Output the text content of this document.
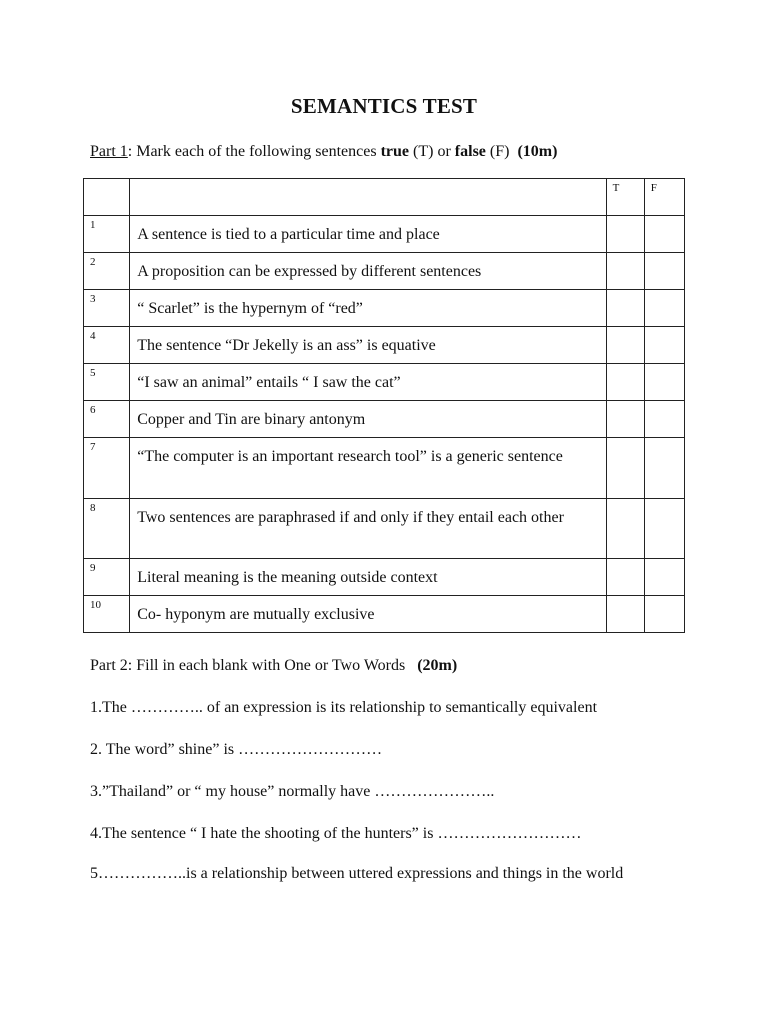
SEMANTICS TEST
Part 1: Mark each of the following sentences true (T) or false (F)  (10m)
		T	F
1	A sentence is tied to a particular time and place		
2	A proposition can be expressed by different sentences		
3	“ Scarlet” is the hypernym of “red”		
4	The sentence “Dr Jekelly is an ass” is equative		
5	“I saw an animal” entails “ I saw the cat”		
6	Copper and Tin are binary antonym		
7	“The computer is an important research tool” is a generic sentence		
8	Two sentences are paraphrased if and only if they entail each other		
9	Literal meaning is the meaning outside context		
10	Co- hyponym are mutually exclusive		
Part 2: Fill in each blank with One or Two Words   (20m)
1.The ………….. of an expression is its relationship to semantically equivalent
2. The word” shine” is ………………………
3.”Thailand” or “ my house” normally have …………………..
4.The sentence “ I hate the shooting of the hunters” is ………………………
5……………..is a relationship between uttered expressions and things in the world
